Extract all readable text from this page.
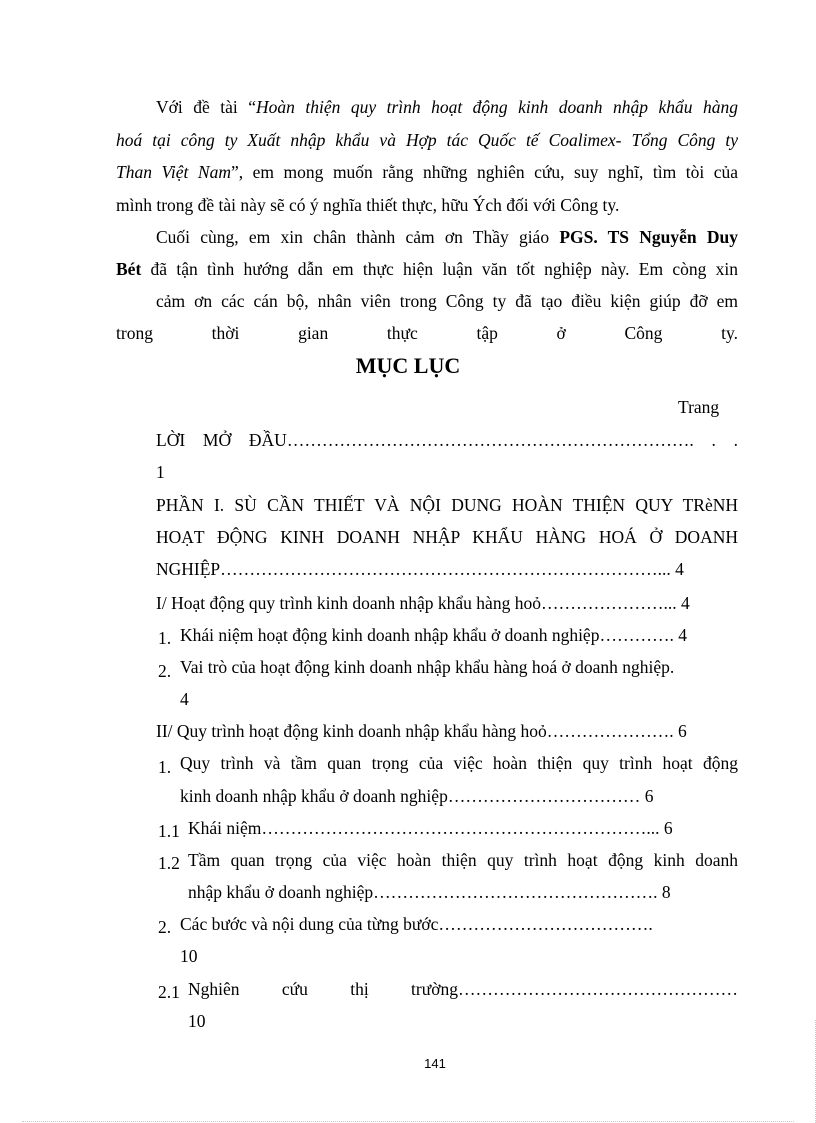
Với đề tài “Hoàn thiện quy trình hoạt động kinh doanh nhập khẩu hàng
hoá tại công ty Xuất nhập khẩu và Hợp tác Quốc tế Coalimex- Tổng Công ty
Than Việt Nam”, em mong muốn rằng những nghiên cứu, suy nghĩ, tìm tòi của
mình trong đề tài này sẽ có ý nghĩa thiết thực, hữu Ých đối với Công ty.
Cuối cùng, em xin chân thành cảm ơn Thầy giáo PGS. TS Nguyễn Duy
Bét đã tận tình hướng dẫn em thực hiện luận văn tốt nghiệp này. Em còng xin
cảm ơn các cán bộ, nhân viên trong Công ty đã tạo điều kiện giúp đỡ em
trong thời gian thực tập ở Công ty.
MỤC LỤC
Trang
LỜI MỞ ĐẦU……………………………………………………………. . .
1
PHẦN I. SÙ CẦN THIẾT VÀ NỘI DUNG HOÀN THIỆN QUY TRèNH
HOẠT ĐỘNG KINH DOANH NHẬP KHẨU HÀNG HOÁ Ở DOANH
NGHIỆP…………………………………………………………………... 4
I/ Hoạt động quy trình kinh doanh nhập khẩu hàng hoỏ…………………... 4
1. Khái niệm hoạt động kinh doanh nhập khẩu ở doanh nghiệp…………. 4
2. Vai trò của hoạt động kinh doanh nhập khẩu hàng hoá ở doanh nghiệp.
4
II/ Quy trình hoạt động kinh doanh nhập khẩu hàng hoỏ…………………. 6
1. Quy trình và tầm quan trọng của việc hoàn thiện quy trình hoạt động
kinh doanh nhập khẩu ở doanh nghiệp…………………………… 6
1.1 Khái niệm…………………………………………………………... 6
1.2 Tầm quan trọng của việc hoàn thiện quy trình hoạt động kinh doanh
nhập khẩu ở doanh nghiệp…………………………………………. 8
2. Các bước và nội dung của từng bước……………………………….
10
2.1 Nghiên cứu thị trường…………………………………………
10
141
